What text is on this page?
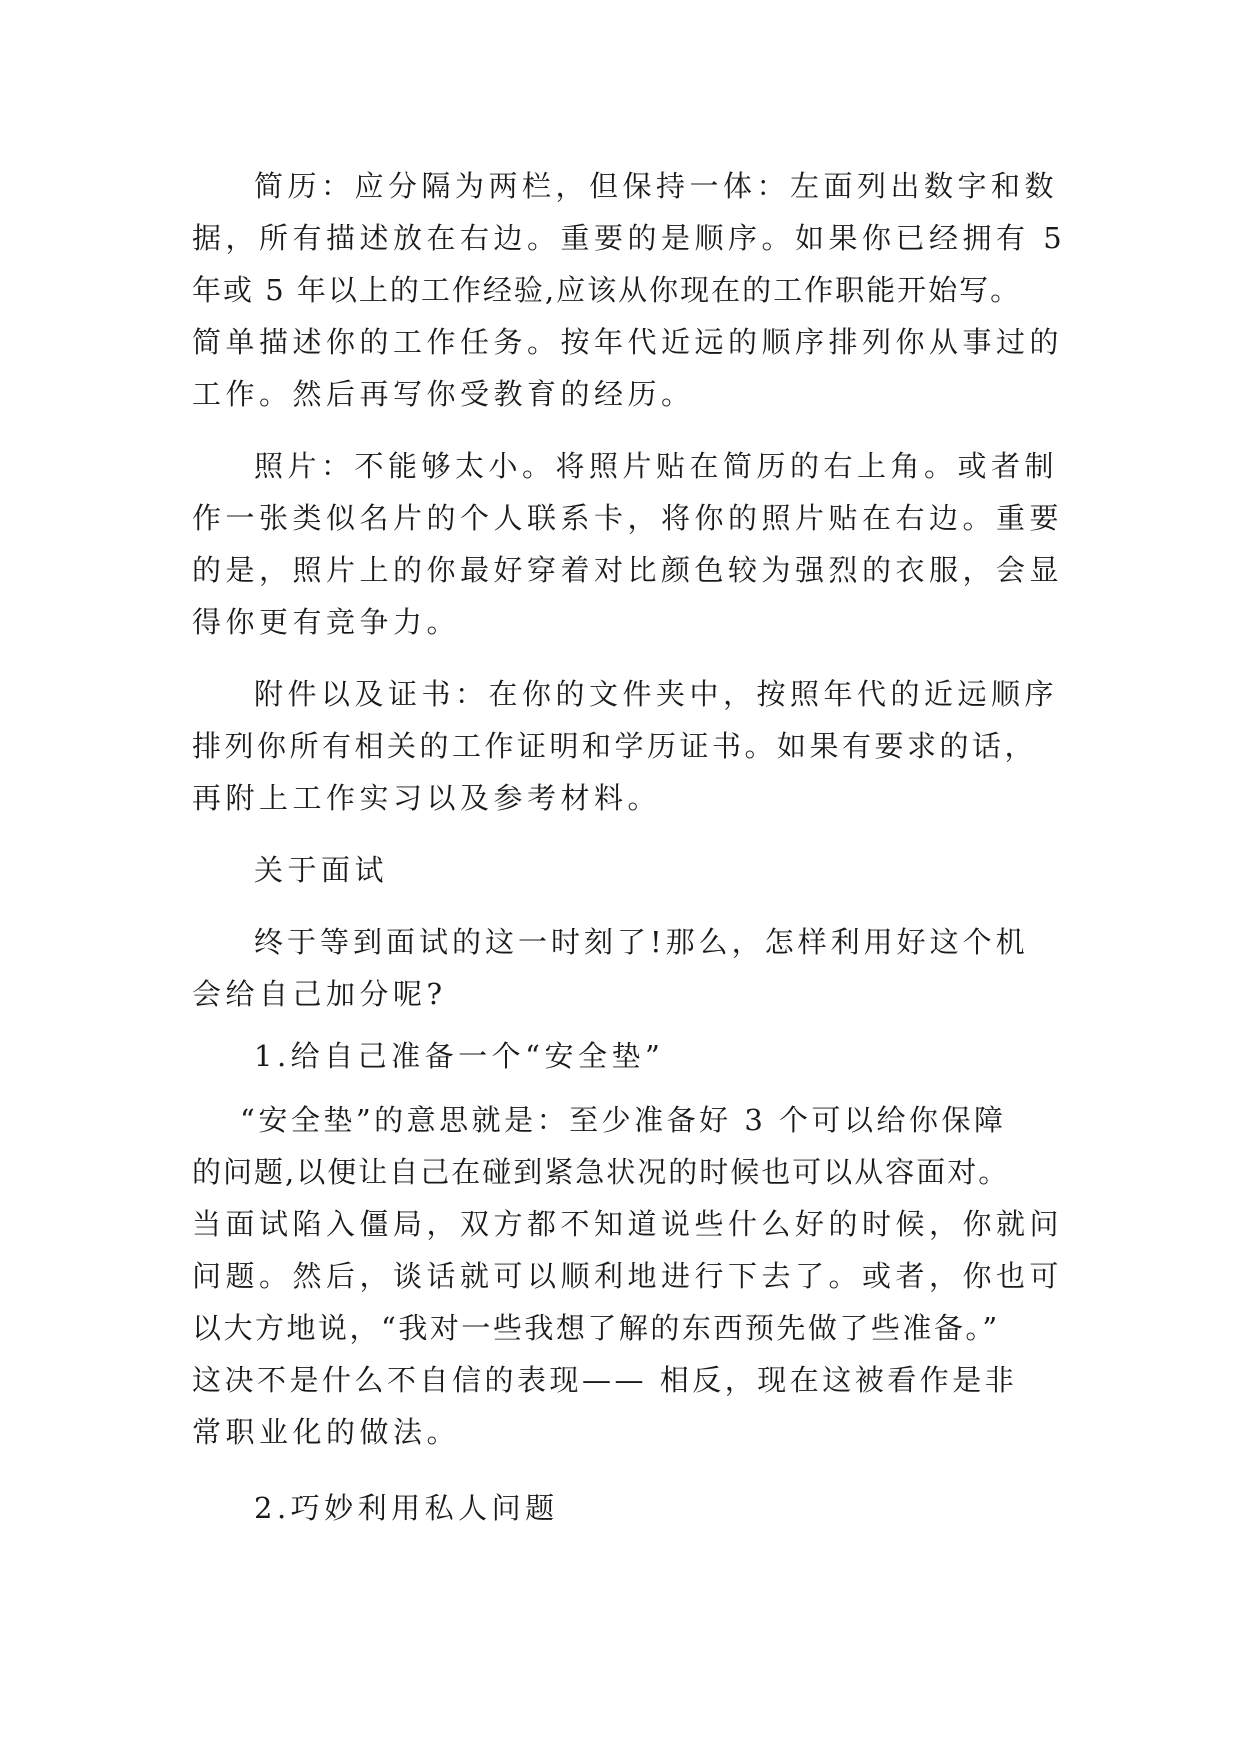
简历：应分隔为两栏，但保持一体：左面列出数字和数
据，所有描述放在右边。重要的是顺序。如果你已经拥有 5
年或 5 年以上的工作经验,应该从你现在的工作职能开始写。
简单描述你的工作任务。按年代近远的顺序排列你从事过的
工作。然后再写你受教育的经历。
照片：不能够太小。将照片贴在简历的右上角。或者制
作一张类似名片的个人联系卡，将你的照片贴在右边。重要
的是，照片上的你最好穿着对比颜色较为强烈的衣服，会显
得你更有竞争力。
附件以及证书：在你的文件夹中，按照年代的近远顺序
排列你所有相关的工作证明和学历证书。如果有要求的话，
再附上工作实习以及参考材料。
关于面试
终于等到面试的这一时刻了!那么，怎样利用好这个机
会给自己加分呢?
1.给自己准备一个“安全垫”
“安全垫”的意思就是：至少准备好 3 个可以给你保障
的问题,以便让自己在碰到紧急状况的时候也可以从容面对。
当面试陷入僵局，双方都不知道说些什么好的时候，你就问
问题。然后，谈话就可以顺利地进行下去了。或者，你也可
以大方地说，“我对一些我想了解的东西预先做了些准备。”
这决不是什么不自信的表现—— 相反，现在这被看作是非
常职业化的做法。
2.巧妙利用私人问题
